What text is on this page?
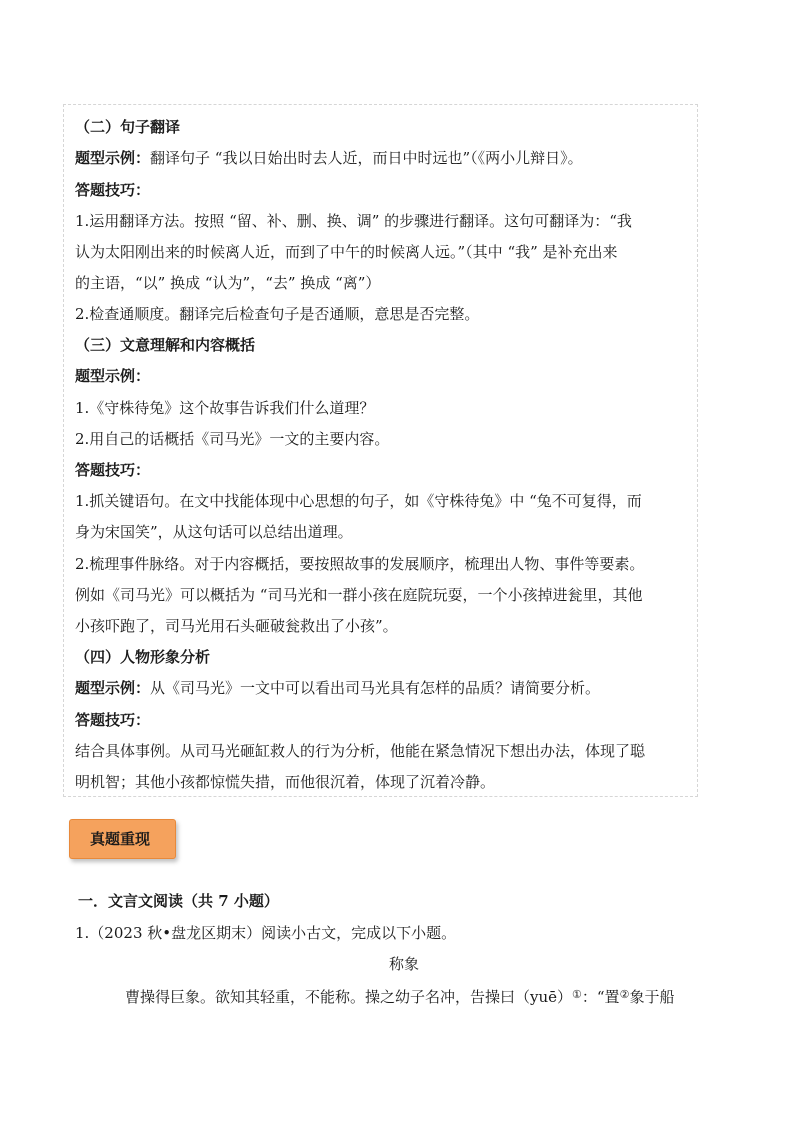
（二）句子翻译
题型示例：翻译句子 “我以日始出时去人近，而日中时远也”（《两小儿辩日》。
答题技巧：
1.运用翻译方法。按照 “留、补、删、换、调” 的步骤进行翻译。这句可翻译为：“我
认为太阳刚出来的时候离人近，而到了中午的时候离人远。”（其中 “我” 是补充出来
的主语，“以” 换成 “认为”，“去” 换成 “离”）
2.检查通顺度。翻译完后检查句子是否通顺，意思是否完整。
（三）文意理解和内容概括
题型示例：
1.《守株待兔》这个故事告诉我们什么道理？
2.用自己的话概括《司马光》一文的主要内容。
答题技巧：
1.抓关键语句。在文中找能体现中心思想的句子，如《守株待兔》中 “兔不可复得，而
身为宋国笑”，从这句话可以总结出道理。
2.梳理事件脉络。对于内容概括，要按照故事的发展顺序，梳理出人物、事件等要素。
例如《司马光》可以概括为 “司马光和一群小孩在庭院玩耍，一个小孩掉进瓮里，其他
小孩吓跑了，司马光用石头砸破瓮救出了小孩”。
（四）人物形象分析
题型示例：从《司马光》一文中可以看出司马光具有怎样的品质？请简要分析。
答题技巧：
结合具体事例。从司马光砸缸救人的行为分析，他能在紧急情况下想出办法，体现了聪
明机智；其他小孩都惊慌失措，而他很沉着，体现了沉着冷静。
真题重现
一．文言文阅读（共 7 小题）
1.（2023 秋•盘龙区期末）阅读小古文，完成以下小题。
称象
曹操得巨象。欲知其轻重，不能称。操之幼子名冲，告操曰（yuē）①：“置②象于船
